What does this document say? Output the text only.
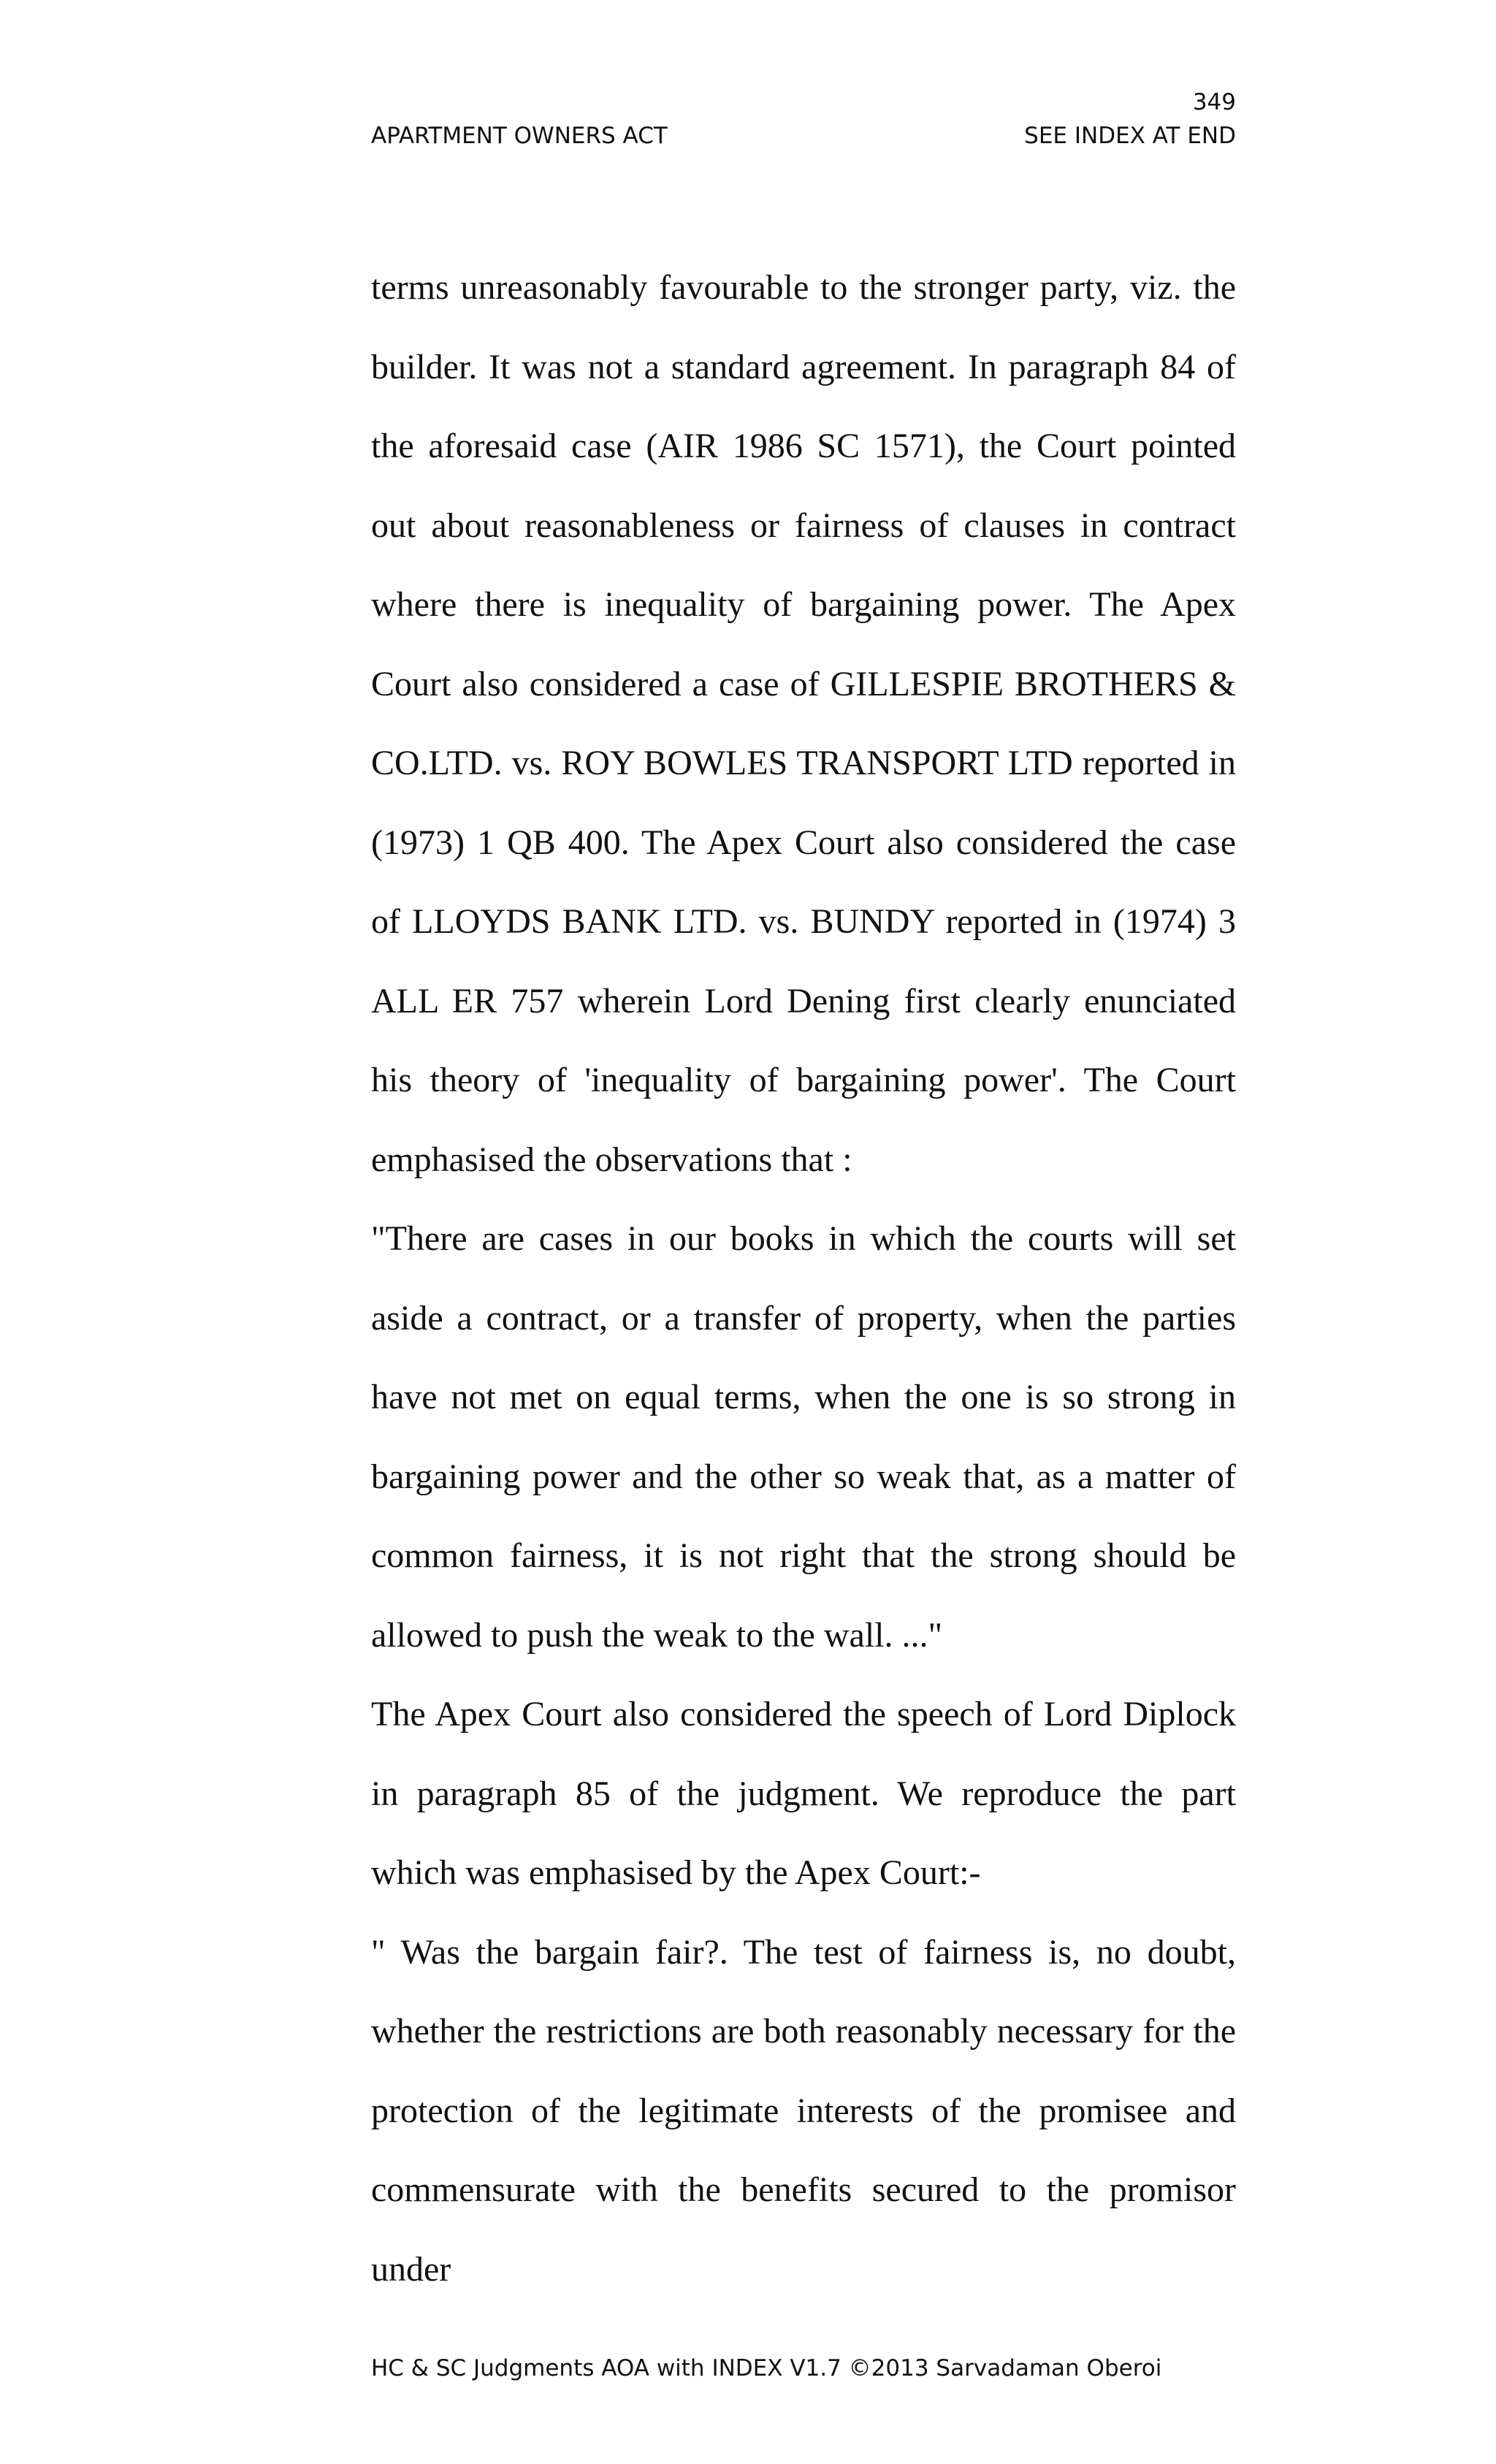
349
APARTMENT OWNERS ACT	SEE INDEX AT END

terms unreasonably favourable to the stronger party, viz. the builder. It was not a standard agreement. In paragraph 84 of the aforesaid case (AIR 1986 SC 1571), the Court pointed out about reasonableness or fairness of clauses in contract where there is inequality of bargaining power. The Apex Court also considered a case of GILLESPIE BROTHERS & CO.LTD. vs. ROY BOWLES TRANSPORT LTD reported in (1973) 1 QB 400. The Apex Court also considered the case of LLOYDS BANK LTD. vs. BUNDY reported in (1974) 3 ALL ER 757 wherein Lord Dening first clearly enunciated his theory of 'inequality of bargaining power'. The Court emphasised the observations that :

"There are cases in our books in which the courts will set aside a contract, or a transfer of property, when the parties have not met on equal terms, when the one is so strong in bargaining power and the other so weak that, as a matter of common fairness, it is not right that the strong should be allowed to push the weak to the wall. ..."

The Apex Court also considered the speech of Lord Diplock in paragraph 85 of the judgment. We reproduce the part which was emphasised by the Apex Court:-

" Was the bargain fair?. The test of fairness is, no doubt, whether the restrictions are both reasonably necessary for the protection of the legitimate interests of the promisee and commensurate with the benefits secured to the promisor under

HC & SC Judgments AOA with INDEX V1.7 ©2013 Sarvadaman Oberoi
